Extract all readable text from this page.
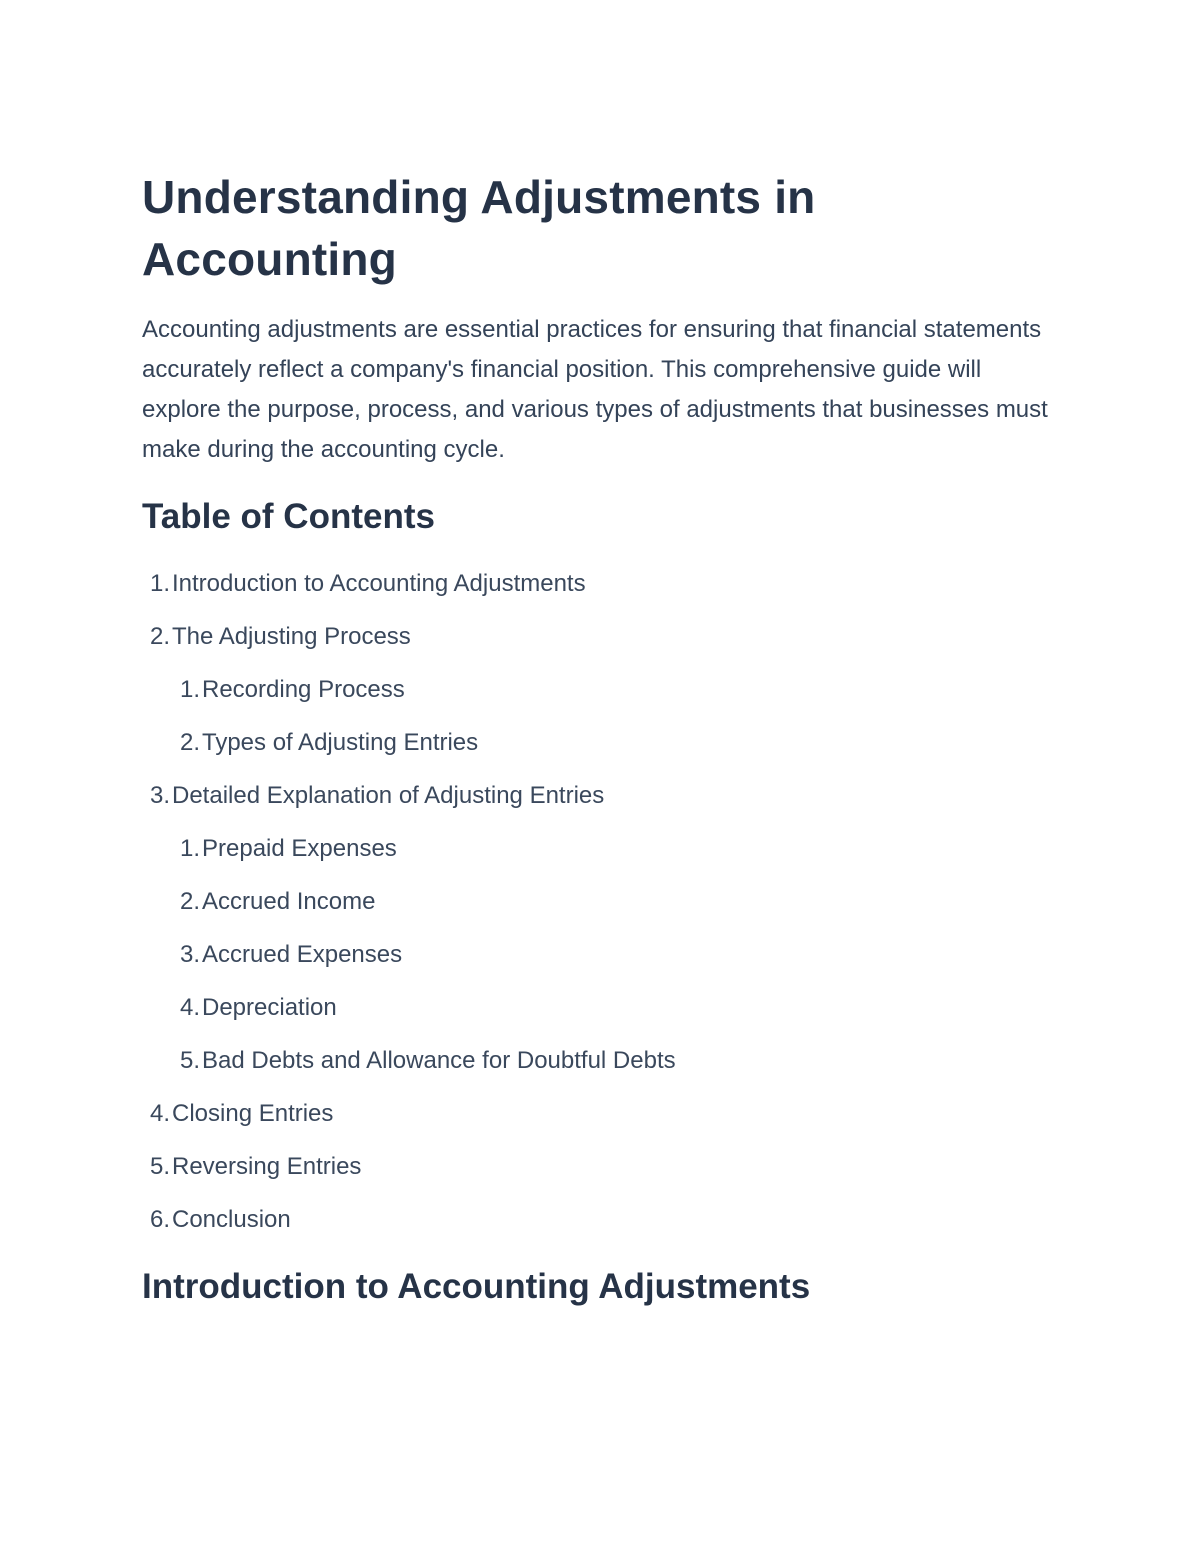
Understanding Adjustments in Accounting

Accounting adjustments are essential practices for ensuring that financial statements accurately reflect a company's financial position. This comprehensive guide will explore the purpose, process, and various types of adjustments that businesses must make during the accounting cycle.

Table of Contents
1.Introduction to Accounting Adjustments
2.The Adjusting Process
1.Recording Process
2.Types of Adjusting Entries
3.Detailed Explanation of Adjusting Entries
1.Prepaid Expenses
2.Accrued Income
3.Accrued Expenses
4.Depreciation
5.Bad Debts and Allowance for Doubtful Debts
4.Closing Entries
5.Reversing Entries
6.Conclusion
Introduction to Accounting Adjustments
